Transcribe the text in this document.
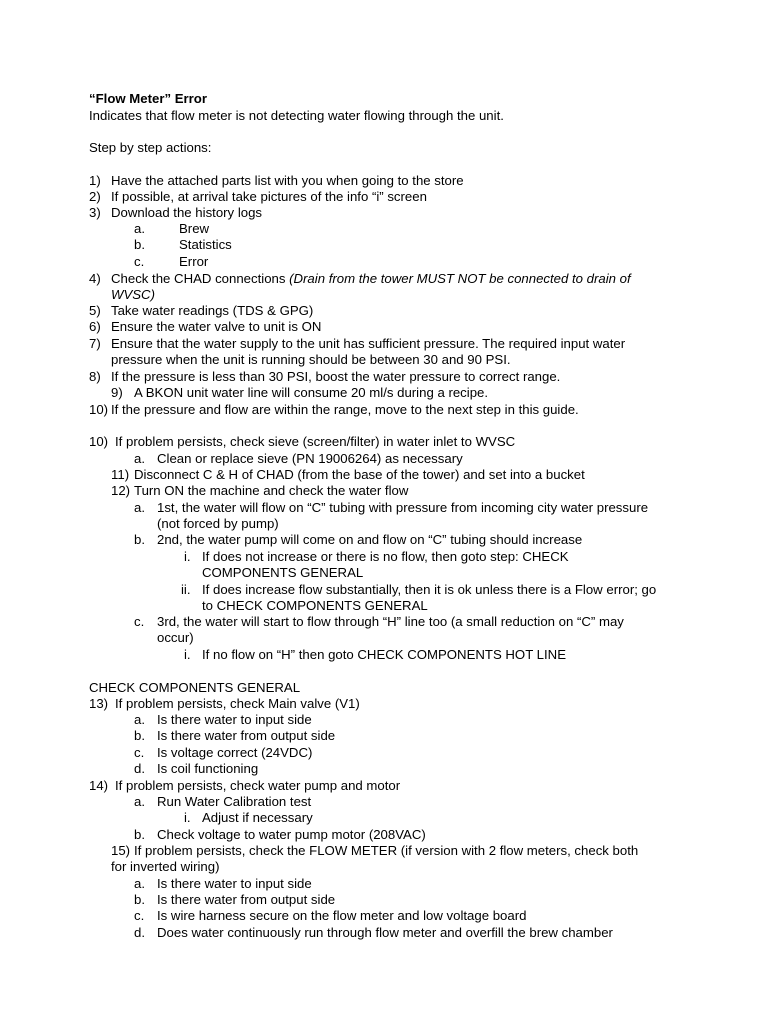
“Flow Meter” Error
Indicates that flow meter is not detecting water flowing through the unit.
Step by step actions:
1) Have the attached parts list with you when going to the store
2) If possible, at arrival take pictures of the info “i” screen
3) Download the history logs
a.	Brew
b.	Statistics
c.	Error
4) Check the CHAD connections (Drain from the tower MUST NOT be connected to drain of
WVSC)
5) Take water readings (TDS & GPG)
6) Ensure the water valve to unit is ON
7) Ensure that the water supply to the unit has sufficient pressure. The required input water
pressure when the unit is running should be between 30 and 90 PSI.
8) If the pressure is less than 30 PSI, boost the water pressure to correct range.
9) A BKON unit water line will consume 20 ml/s during a recipe.
10) If the pressure and flow are within the range, move to the next step in this guide.
10) If problem persists, check sieve (screen/filter) in water inlet to WVSC
a. Clean or replace sieve (PN 19006264) as necessary
11) Disconnect C & H of CHAD (from the base of the tower) and set into a bucket
12) Turn ON the machine and check the water flow
a. 1st, the water will flow on “C” tubing with pressure from incoming city water pressure
(not forced by pump)
b. 2nd, the water pump will come on and flow on “C” tubing should increase
i. If does not increase or there is no flow, then goto step: CHECK
COMPONENTS GENERAL
ii. If does increase flow substantially, then it is ok unless there is a Flow error; go
to CHECK COMPONENTS GENERAL
c. 3rd, the water will start to flow through “H” line too (a small reduction on “C” may
occur)
i. If no flow on “H” then goto CHECK COMPONENTS HOT LINE
CHECK COMPONENTS GENERAL
13) If problem persists, check Main valve (V1)
a. Is there water to input side
b. Is there water from output side
c. Is voltage correct (24VDC)
d. Is coil functioning
14) If problem persists, check water pump and motor
a. Run Water Calibration test
i. Adjust if necessary
b. Check voltage to water pump motor (208VAC)
15) If problem persists, check the FLOW METER (if version with 2 flow meters, check both
for inverted wiring)
a. Is there water to input side
b. Is there water from output side
c. Is wire harness secure on the flow meter and low voltage board
d. Does water continuously run through flow meter and overfill the brew chamber
